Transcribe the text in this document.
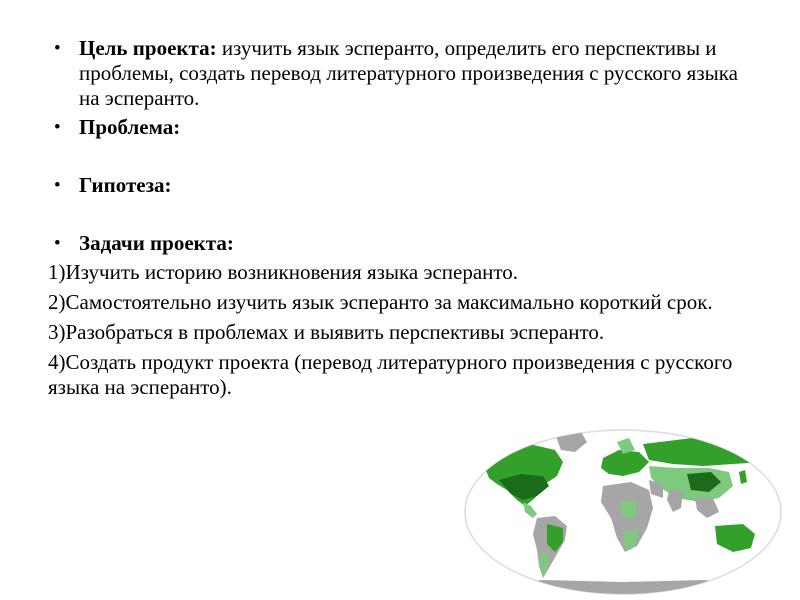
• Цель проекта: изучить язык эсперанто, определить его перспективы и проблемы, создать перевод литературного произведения с русского языка на эсперанто.
• Проблема:
• Гипотеза:
• Задачи проекта:
1)Изучить историю возникновения языка эсперанто.
2)Самостоятельно изучить язык эсперанто за максимально короткий срок.
3)Разобраться в проблемах и выявить перспективы эсперанто.
4)Создать продукт проекта (перевод литературного произведения с русского языка на эсперанто).
